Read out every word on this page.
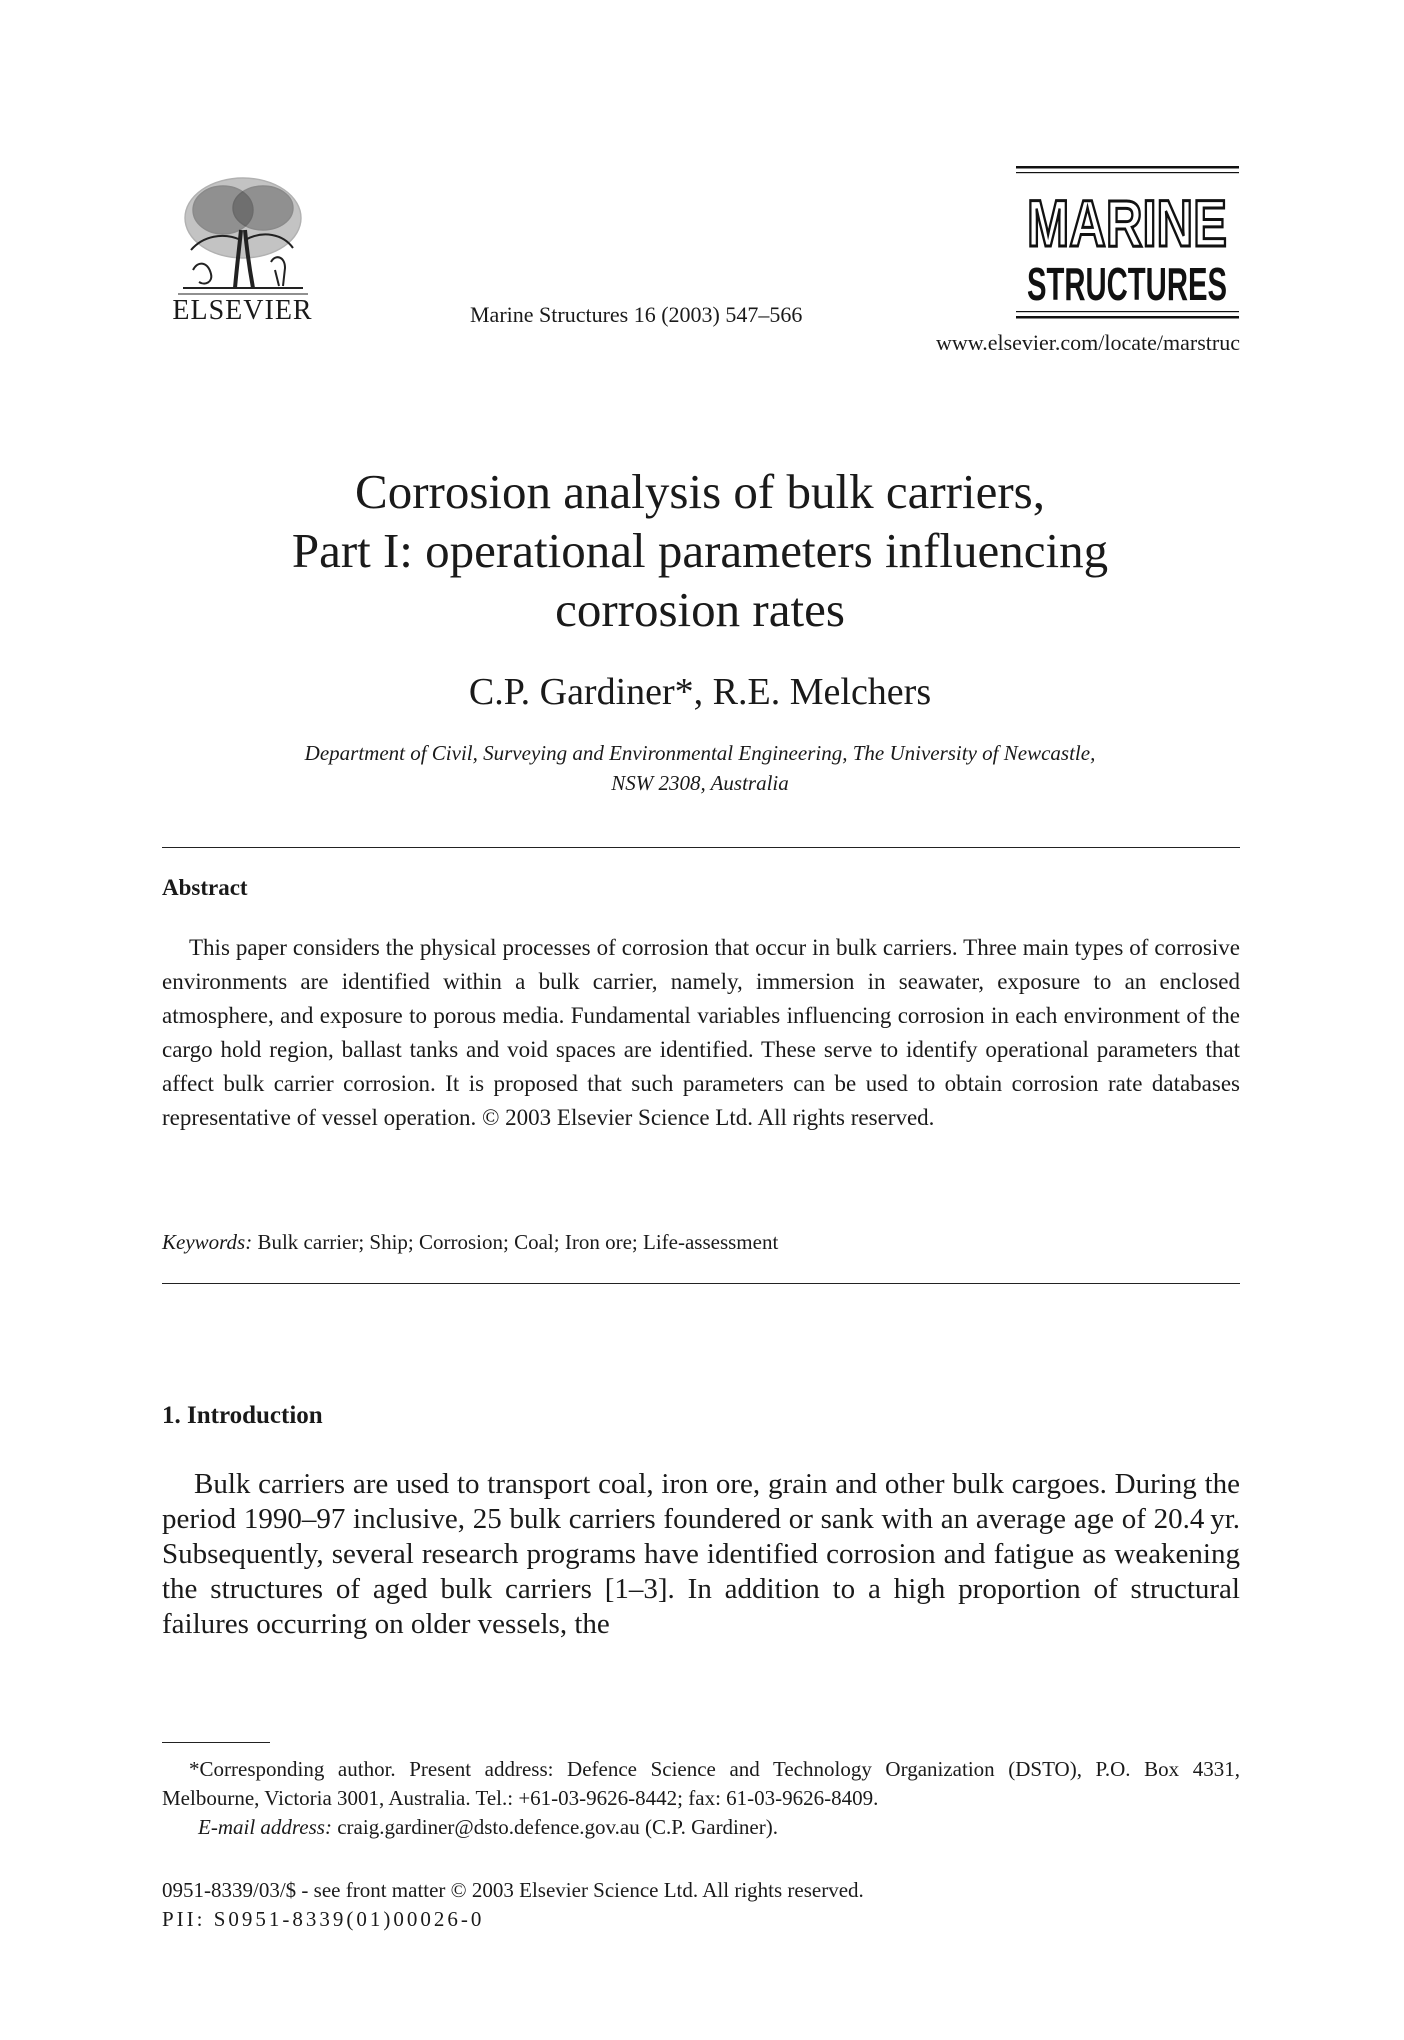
ELSEVIER	Marine Structures 16 (2003) 547–566
MARINE
STRUCTURES
www.elsevier.com/locate/marstruc
Corrosion analysis of bulk carriers,
Part I: operational parameters influencing
corrosion rates
C.P. Gardiner*, R.E. Melchers
Department of Civil, Surveying and Environmental Engineering, The University of Newcastle,
NSW 2308, Australia
Abstract
This paper considers the physical processes of corrosion that occur in bulk carriers. Three main types of corrosive environments are identified within a bulk carrier, namely, immersion in seawater, exposure to an enclosed atmosphere, and exposure to porous media. Fundamental variables influencing corrosion in each environment of the cargo hold region, ballast tanks and void spaces are identified. These serve to identify operational parameters that affect bulk carrier corrosion. It is proposed that such parameters can be used to obtain corrosion rate databases representative of vessel operation. © 2003 Elsevier Science Ltd. All rights reserved.
Keywords: Bulk carrier; Ship; Corrosion; Coal; Iron ore; Life-assessment
1. Introduction
Bulk carriers are used to transport coal, iron ore, grain and other bulk cargoes. During the period 1990–97 inclusive, 25 bulk carriers foundered or sank with an average age of 20.4 yr. Subsequently, several research programs have identified corrosion and fatigue as weakening the structures of aged bulk carriers [1–3]. In addition to a high proportion of structural failures occurring on older vessels, the
*Corresponding author. Present address: Defence Science and Technology Organization (DSTO), P.O. Box 4331, Melbourne, Victoria 3001, Australia. Tel.: +61-03-9626-8442; fax: 61-03-9626-8409.
E-mail address: craig.gardiner@dsto.defence.gov.au (C.P. Gardiner).
0951-8339/03/$ - see front matter © 2003 Elsevier Science Ltd. All rights reserved.
PII: S0951-8339(01)00026-0
